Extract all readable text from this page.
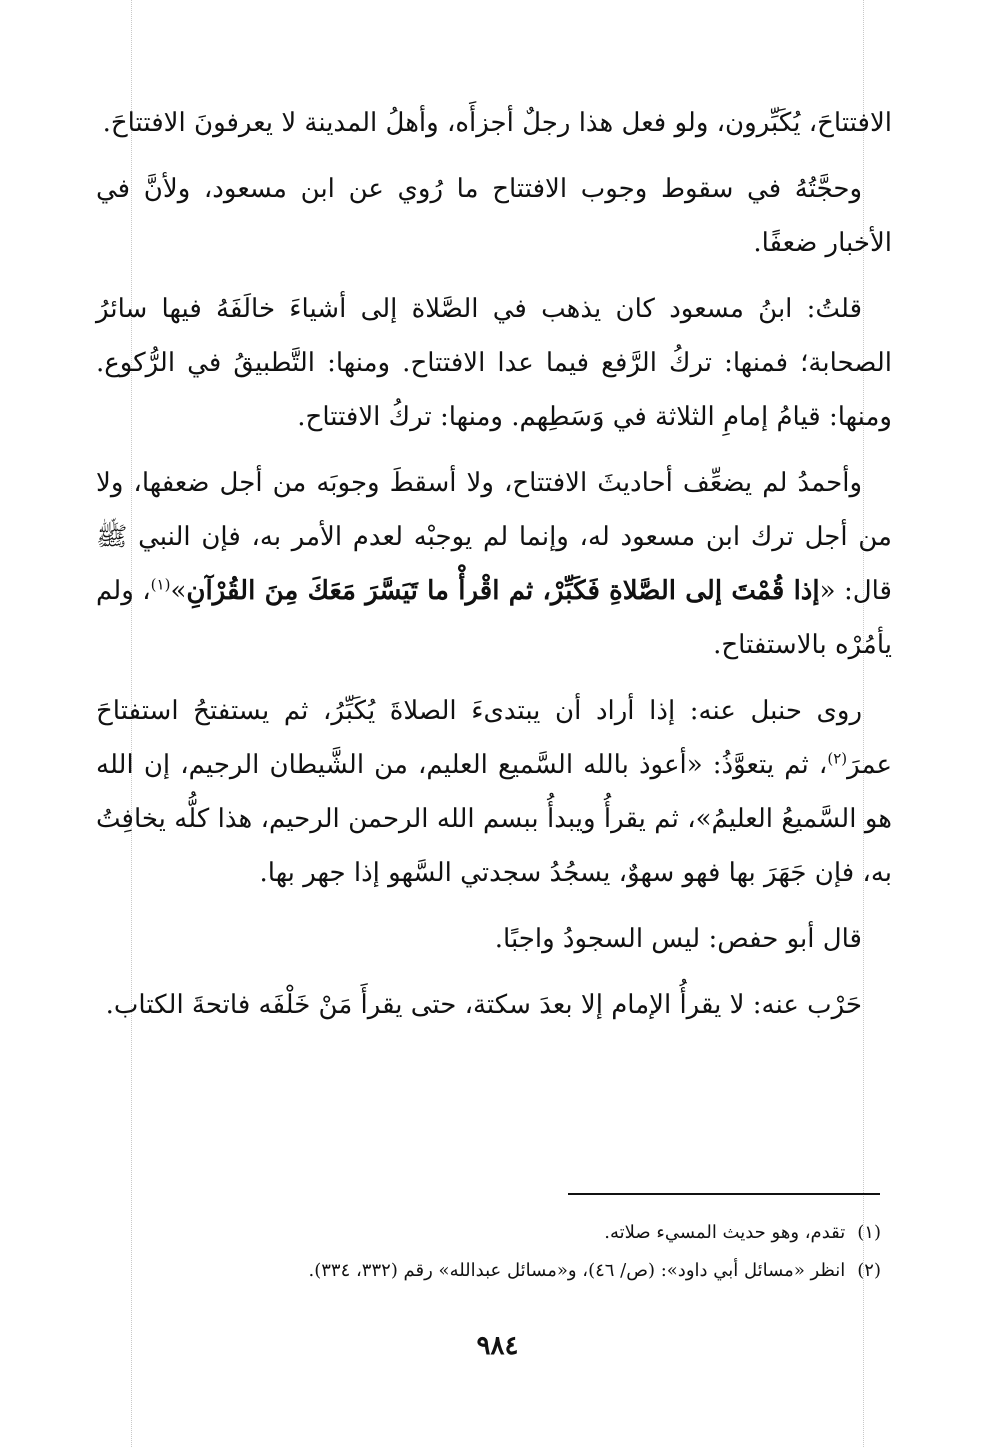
الافتتاحَ، يُكَبِّرون، ولو فعل هذا رجلٌ أجزأَه، وأهلُ المدينة لا يعرفونَ الافتتاحَ.

وحجَّتُهُ في سقوط وجوب الافتتاح ما رُوي عن ابن مسعود، ولأنَّ في الأخبار ضعفًا.

قلتُ: ابنُ مسعود كان يذهب في الصَّلاة إلى أشياءَ خالَفَهُ فيها سائرُ الصحابة؛ فمنها: تركُ الرَّفع فيما عدا الافتتاح. ومنها: التَّطبيقُ في الرُّكوع. ومنها: قيامُ إمامِ الثلاثة في وَسَطِهم. ومنها: تركُ الافتتاح.

وأحمدُ لم يضعِّف أحاديثَ الافتتاح، ولا أسقطَ وجوبَه من أجل ضعفها، ولا من أجل ترك ابن مسعود له، وإنما لم يوجبْه لعدم الأمر به، فإن النبي ﷺ قال: «إذا قُمْتَ إلى الصَّلاةِ فَكَبِّرْ، ثم اقْرأْ ما تَيَسَّرَ مَعَكَ مِنَ القُرْآنِ»$^{(١)}$، ولم يأمُرْه بالاستفتاح.

روى حنبل عنه: إذا أراد أن يبتدىءَ الصلاةَ يُكَبِّرُ، ثم يستفتحُ استفتاحَ عمرَ$^{(٢)}$، ثم يتعوَّذُ: «أعوذ بالله السَّميع العليم، من الشَّيطان الرجيم، إن الله هو السَّميعُ العليمُ»، ثم يقرأُ ويبدأُ ببسم الله الرحمن الرحيم، هذا كلُّه يخافِتُ به، فإن جَهَرَ بها فهو سهوٌ، يسجُدُ سجدتي السَّهو إذا جهر بها.

قال أبو حفص: ليس السجودُ واجبًا.

حَرْب عنه: لا يقرأُ الإمام إلا بعدَ سكتة، حتى يقرأَ مَنْ خَلْفَه فاتحةَ الكتاب.

(١)تقدم، وهو حديث المسيء صلاته.

(٢)انظر «مسائل أبي داود»: (ص/ ٤٦)، و«مسائل عبدالله» رقم (٣٣٢، ٣٣٤).

٩٨٤
